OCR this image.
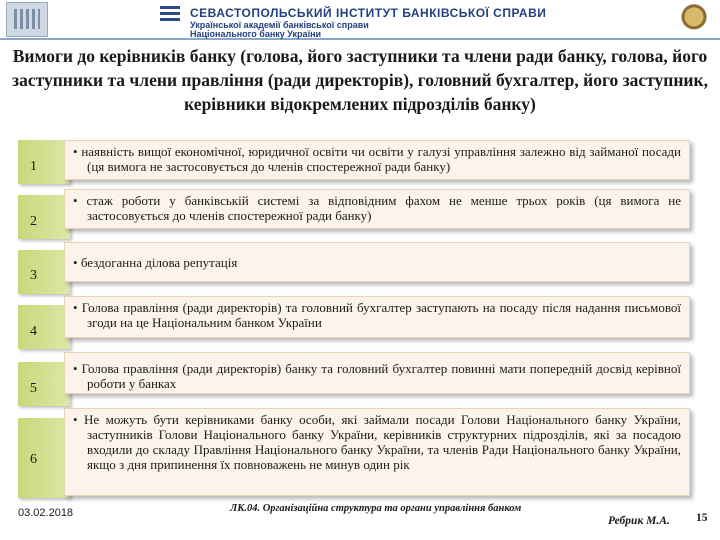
СЕВАСТОПОЛЬСЬКИЙ ІНСТИТУТ БАНКІВСЬКОЇ СПРАВИ
Української академії банківської справи
Національного банку України
Вимоги до керівників банку (голова, його заступники та члени ради банку, голова, його заступники та члени правління (ради директорів), головний бухгалтер, його заступник, керівники відокремлених підрозділів банку)
1
• наявність вищої економічної, юридичної освіти чи освіти у галузі управління залежно від займаної посади (ця вимога не застосовується до членів спостережної ради банку)
2
• стаж роботи у банківській системі за відповідним фахом не менше трьох років (ця вимога не застосовується до членів спостережної ради банку)
3
• бездоганна ділова репутація
4
• Голова правління (ради директорів) та головний бухгалтер заступають на посаду після надання письмової згоди на це Національним банком України
5
• Голова правління (ради директорів) банку та головний бухгалтер повинні мати попередній досвід керівної роботи у банках
6
• Не можуть бути керівниками банку особи, які займали посади Голови Національного банку України, заступників Голови Національного банку України, керівників структурних підрозділів, які за посадою входили до складу Правління Національного банку України, та членів Ради Національного банку України, якщо з дня припинення їх повноважень не минув один рік
03.02.2018	ЛК.04. Організаційна структура та органи управління банком
Ребрик М.А. 15
